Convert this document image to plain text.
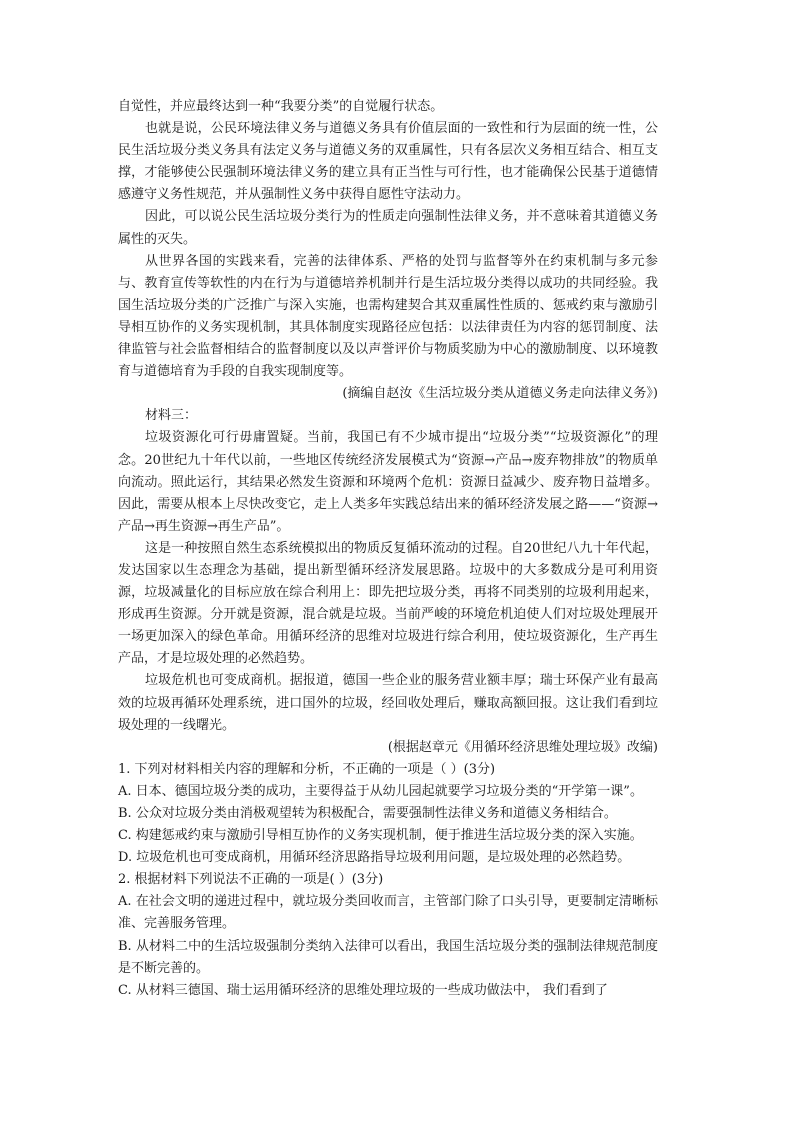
自觉性，并应最终达到一种“我要分类”的自觉履行状态。

也就是说，公民环境法律义务与道德义务具有价值层面的一致性和行为层面的统一性，公民生活垃圾分类义务具有法定义务与道德义务的双重属性，只有各层次义务相互结合、相互支撑，才能够使公民强制环境法律义务的建立具有正当性与可行性，也才能确保公民基于道德情感遵守义务性规范，并从强制性义务中获得自愿性守法动力。

因此，可以说公民生活垃圾分类行为的性质走向强制性法律义务，并不意味着其道德义务属性的灭失。

从世界各国的实践来看，完善的法律体系、严格的处罚与监督等外在约束机制与多元参与、教育宣传等软性的内在行为与道德培养机制并行是生活垃圾分类得以成功的共同经验。我国生活垃圾分类的广泛推广与深入实施，也需构建契合其双重属性性质的、惩戒约束与激励引导相互协作的义务实现机制，其具体制度实现路径应包括：以法律责任为内容的惩罚制度、法律监管与社会监督相结合的监督制度以及以声誉评价与物质奖励为中心的激励制度、以环境教育与道德培育为手段的自我实现制度等。

(摘编自赵汝《生活垃圾分类从道德义务走向法律义务》)

材料三：

垃圾资源化可行毋庸置疑。当前，我国已有不少城市提出“垃圾分类”“垃圾资源化”的理念。20世纪九十年代以前，一些地区传统经济发展模式为“资源→产品→废弃物排放”的物质单向流动。照此运行，其结果必然发生资源和环境两个危机：资源日益减少、废弃物日益增多。因此，需要从根本上尽快改变它，走上人类多年实践总结出来的循环经济发展之路——“资源→产品→再生资源→再生产品”。

这是一种按照自然生态系统模拟出的物质反复循环流动的过程。自20世纪八九十年代起，发达国家以生态理念为基础，提出新型循环经济发展思路。垃圾中的大多数成分是可利用资源，垃圾减量化的目标应放在综合利用上：即先把垃圾分类，再将不同类别的垃圾利用起来，形成再生资源。分开就是资源，混合就是垃圾。当前严峻的环境危机迫使人们对垃圾处理展开一场更加深入的绿色革命。用循环经济的思维对垃圾进行综合利用，使垃圾资源化，生产再生产品，才是垃圾处理的必然趋势。

垃圾危机也可变成商机。据报道，德国一些企业的服务营业额丰厚；瑞士环保产业有最高效的垃圾再循环处理系统，进口国外的垃圾，经回收处理后，赚取高额回报。这让我们看到垃圾处理的一线曙光。

(根据赵章元《用循环经济思维处理垃圾》改编)

1. 下列对材料相关内容的理解和分析，不正确的一项是（ ）(3分)

A. 日本、德国垃圾分类的成功，主要得益于从幼儿园起就要学习垃圾分类的“开学第一课”。

B. 公众对垃圾分类由消极观望转为积极配合，需要强制性法律义务和道德义务相结合。

C. 构建惩戒约束与激励引导相互协作的义务实现机制，便于推进生活垃圾分类的深入实施。

D. 垃圾危机也可变成商机，用循环经济思路指导垃圾利用问题，是垃圾处理的必然趋势。

2. 根据材料下列说法不正确的一项是( ）(3分)

A. 在社会文明的递进过程中，就垃圾分类回收而言，主管部门除了口头引导，更要制定清晰标准、完善服务管理。

B. 从材料二中的生活垃圾强制分类纳入法律可以看出，我国生活垃圾分类的强制法律规范制度是不断完善的。

C. 从材料三德国、瑞士运用循环经济的思维处理垃圾的一些成功做法中， 我们看到了
